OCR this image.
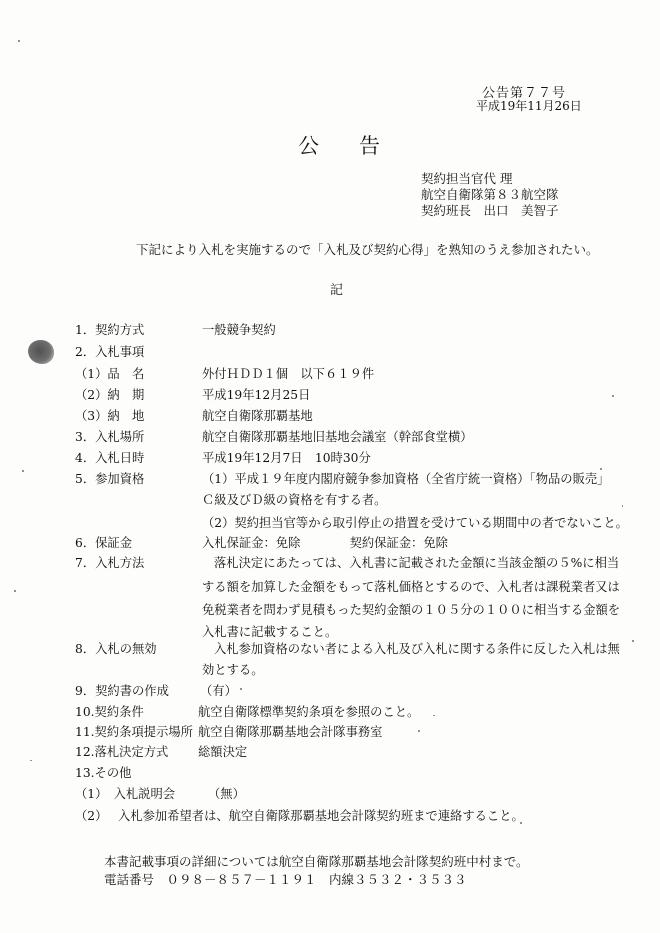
公告第７７号
平成19年11月26日
公告
契約担当官代 理
航空自衛隊第８３航空隊
契約班長　出口　美智子
下記により入札を実施するので「入札及び契約心得」を熟知のうえ参加されたい。
記
1．契約方式	一般競争契約
2．入札事項
（1）品　名	外付ＨＤＤ１個　以下６１９件
（2）納　期	平成19年12月25日
（3）納　地	航空自衛隊那覇基地
3．入札場所	航空自衛隊那覇基地旧基地会議室（幹部食堂横）
4．入札日時	平成19年12月7日　10時30分
5．参加資格	（1）平成１９年度内閣府競争参加資格（全省庁統一資格）「物品の販売」
Ｃ級及びＤ級の資格を有する者。
（2）契約担当官等から取引停止の措置を受けている期間中の者でないこと。
6．保証金	入札保証金：免除　　　　契約保証金：免除
7．入札方法	落札決定にあたっては、入札書に記載された金額に当該金額の５%に相当
する額を加算した金額をもって落札価格とするので、入札者は課税業者又は
免税業者を問わず見積もった契約金額の１０５分の１００に相当する金額を
入札書に記載すること。
8．入札の無効	入札参加資格のない者による入札及び入札に関する条件に反した入札は無
効とする。
9．契約書の作成	（有）
10.契約条件	航空自衛隊標準契約条項を参照のこと。
11.契約条項提示場所 航空自衛隊那覇基地会計隊事務室
12.落札決定方式 総額決定
13.その他
（1）　入札説明会	（無）
（2） 入札参加希望者は、航空自衛隊那覇基地会計隊契約班まで連絡すること。
本書記載事項の詳細については航空自衛隊那覇基地会計隊契約班中村まで。
電話番号　０９８－８５７－１１９１　内線３５３２・３５３３
